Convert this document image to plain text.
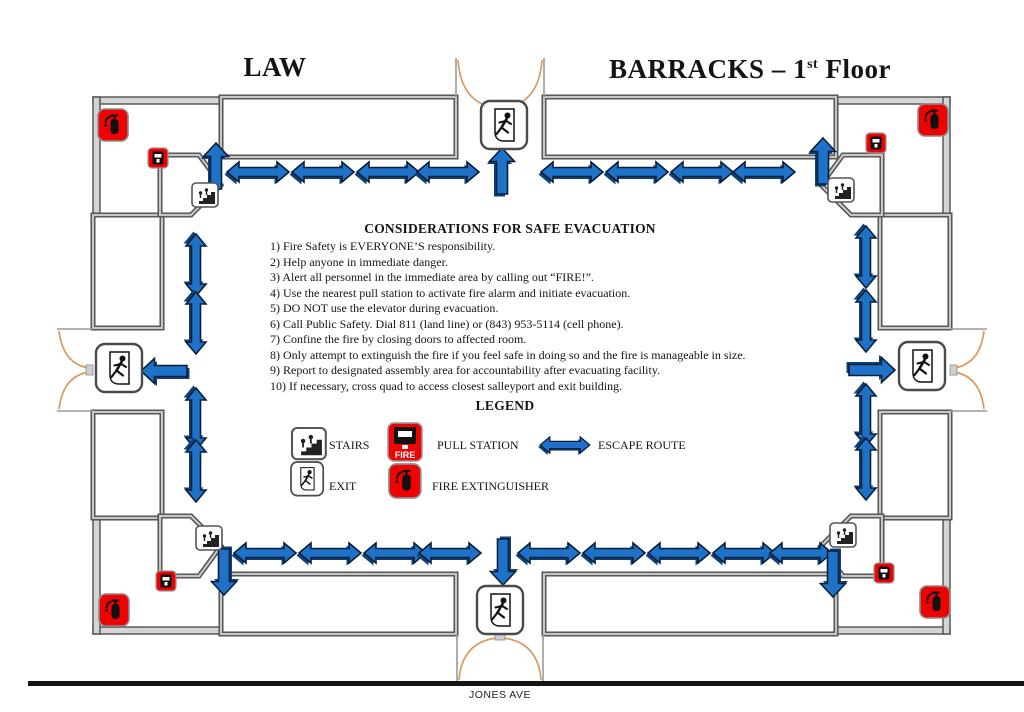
FIRE
LAW	BARRACKS – 1st Floor
CONSIDERATIONS FOR SAFE EVACUATION
1) Fire Safety is EVERYONE’S responsibility.
2) Help anyone in immediate danger.
3) Alert all personnel in the immediate area by calling out “FIRE!”.
4) Use the nearest pull station to activate fire alarm and initiate evacuation.
5) DO NOT use the elevator during evacuation.
6) Call Public Safety. Dial 811 (land line) or (843) 953-5114 (cell phone).
7) Confine the fire by closing doors to affected room.
8) Only attempt to extinguish the fire if you feel safe in doing so and the fire is manageable in size.
9) Report to designated assembly area for accountability after evacuating facility.
10) If necessary, cross quad to access closest salleyport and exit building.
LEGEND
STAIRS	PULL STATION	ESCAPE ROUTE
EXIT	FIRE EXTINGUISHER
JONES AVE
